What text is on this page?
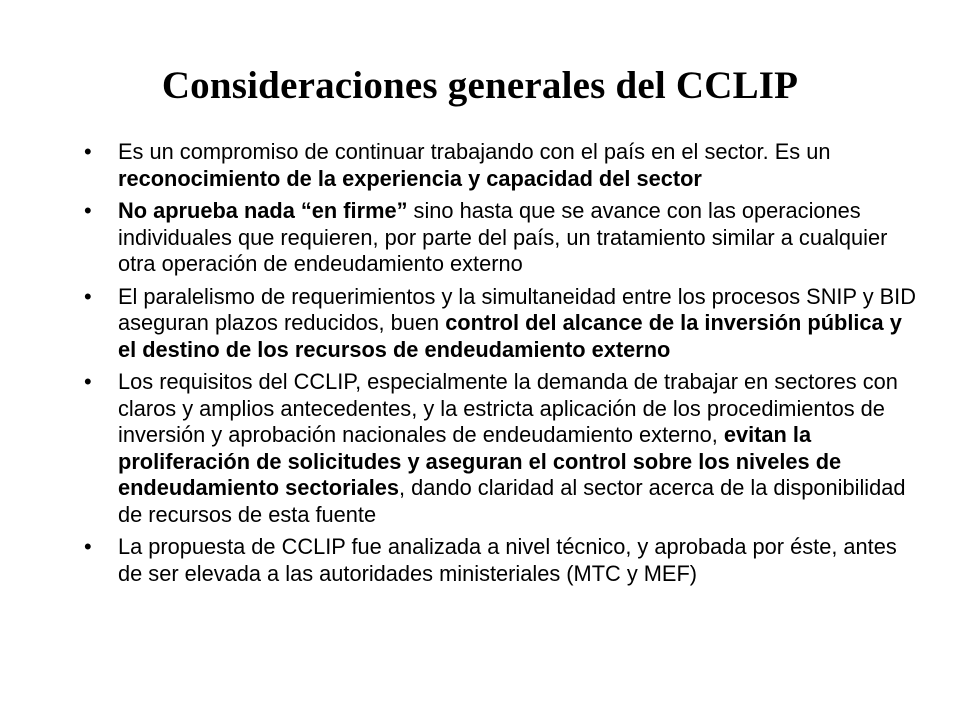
Consideraciones generales del CCLIP
• Es un compromiso de continuar trabajando con el país en el sector. Es un reconocimiento de la experiencia y capacidad del sector
• No aprueba nada “en firme” sino hasta que se avance con las operaciones individuales que requieren, por parte del país, un tratamiento similar a cualquier otra operación de endeudamiento externo
• El paralelismo de requerimientos y la simultaneidad entre los procesos SNIP y BID aseguran plazos reducidos, buen control del alcance de la inversión pública y el destino de los recursos de endeudamiento externo
• Los requisitos del CCLIP, especialmente la demanda de trabajar en sectores con claros y amplios antecedentes, y la estricta aplicación de los procedimientos de inversión y aprobación nacionales de endeudamiento externo, evitan la proliferación de solicitudes y aseguran el control sobre los niveles de endeudamiento sectoriales, dando claridad al sector acerca de la disponibilidad de recursos de esta fuente
• La propuesta de CCLIP fue analizada a nivel técnico, y aprobada por éste, antes de ser elevada a las autoridades ministeriales (MTC y MEF)
